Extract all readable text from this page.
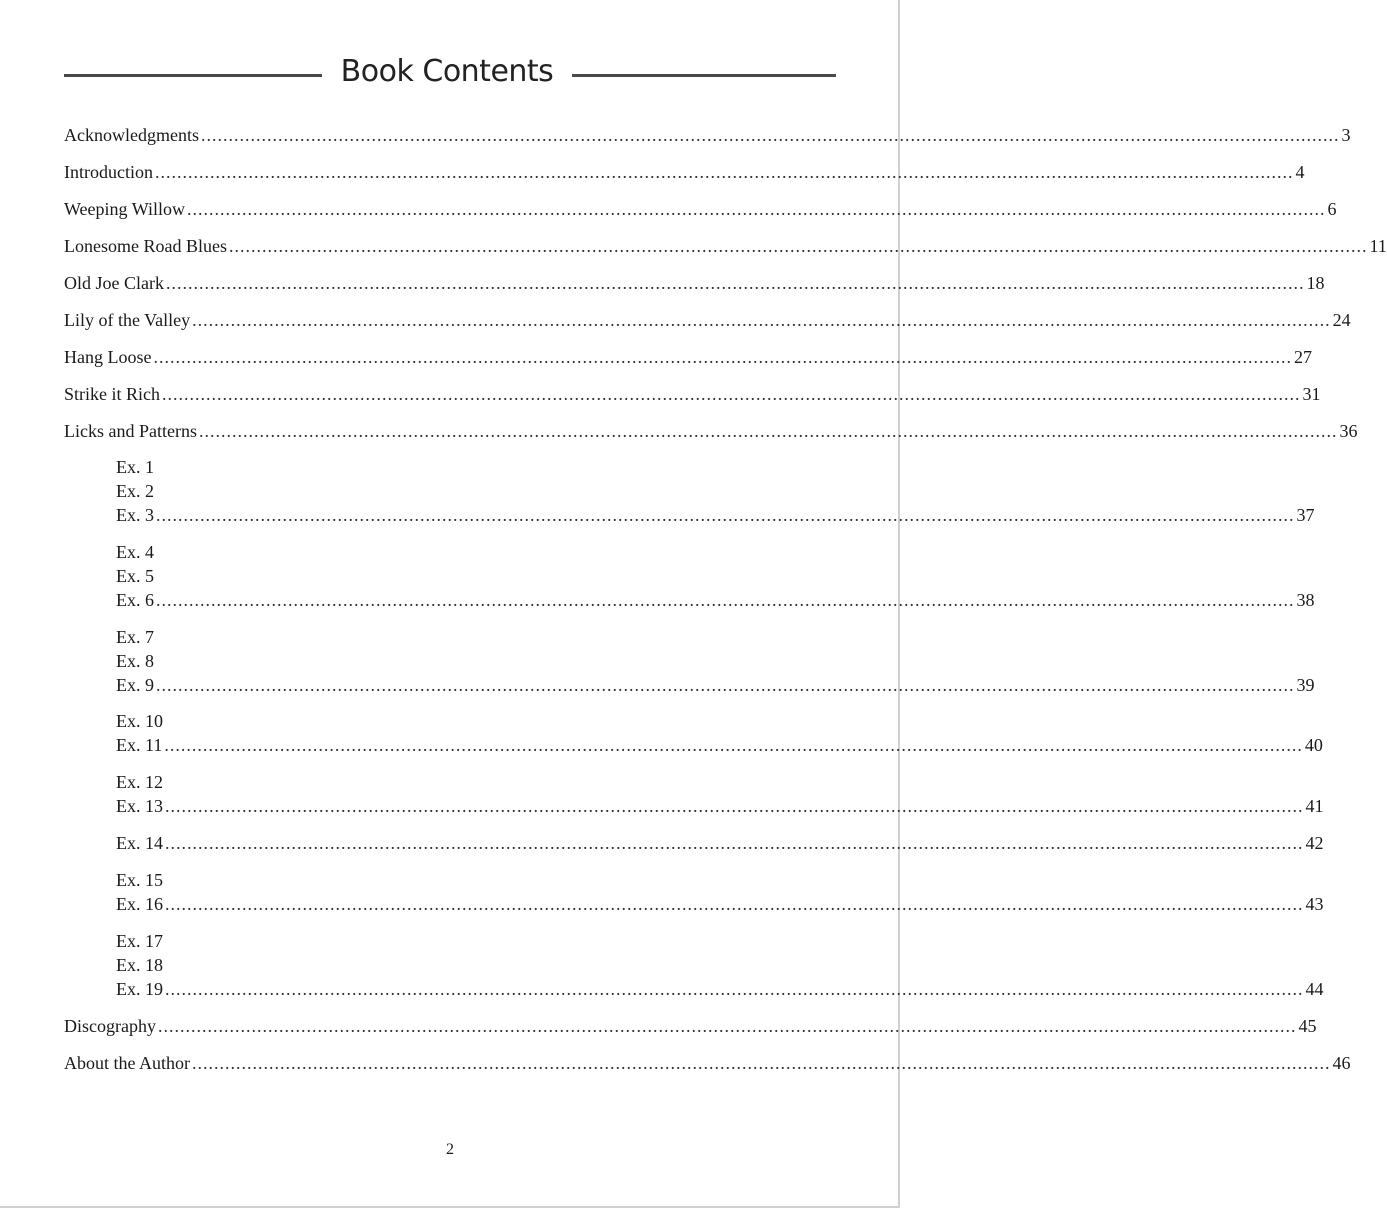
Book Contents
Acknowledgments ............................................................................................................................................................................................................... 3
Introduction ............................................................................................................................................................................................................... 4
Weeping Willow ............................................................................................................................................................................................................... 6
Lonesome Road Blues ............................................................................................................................................................................................................... 11
Old Joe Clark ............................................................................................................................................................................................................... 18
Lily of the Valley ............................................................................................................................................................................................................... 24
Hang Loose ............................................................................................................................................................................................................... 27
Strike it Rich ............................................................................................................................................................................................................... 31
Licks and Patterns ............................................................................................................................................................................................................... 36
Ex. 1
Ex. 2
Ex. 3 ............................................................................................................................................................................................................... 37
Ex. 4
Ex. 5
Ex. 6 ............................................................................................................................................................................................................... 38
Ex. 7
Ex. 8
Ex. 9 ............................................................................................................................................................................................................... 39
Ex. 10
Ex. 11 ............................................................................................................................................................................................................... 40
Ex. 12
Ex. 13 ............................................................................................................................................................................................................... 41
Ex. 14 ............................................................................................................................................................................................................... 42
Ex. 15
Ex. 16 ............................................................................................................................................................................................................... 43
Ex. 17
Ex. 18
Ex. 19 ............................................................................................................................................................................................................... 44
Discography ............................................................................................................................................................................................................... 45
About the Author ............................................................................................................................................................................................................... 46
2
